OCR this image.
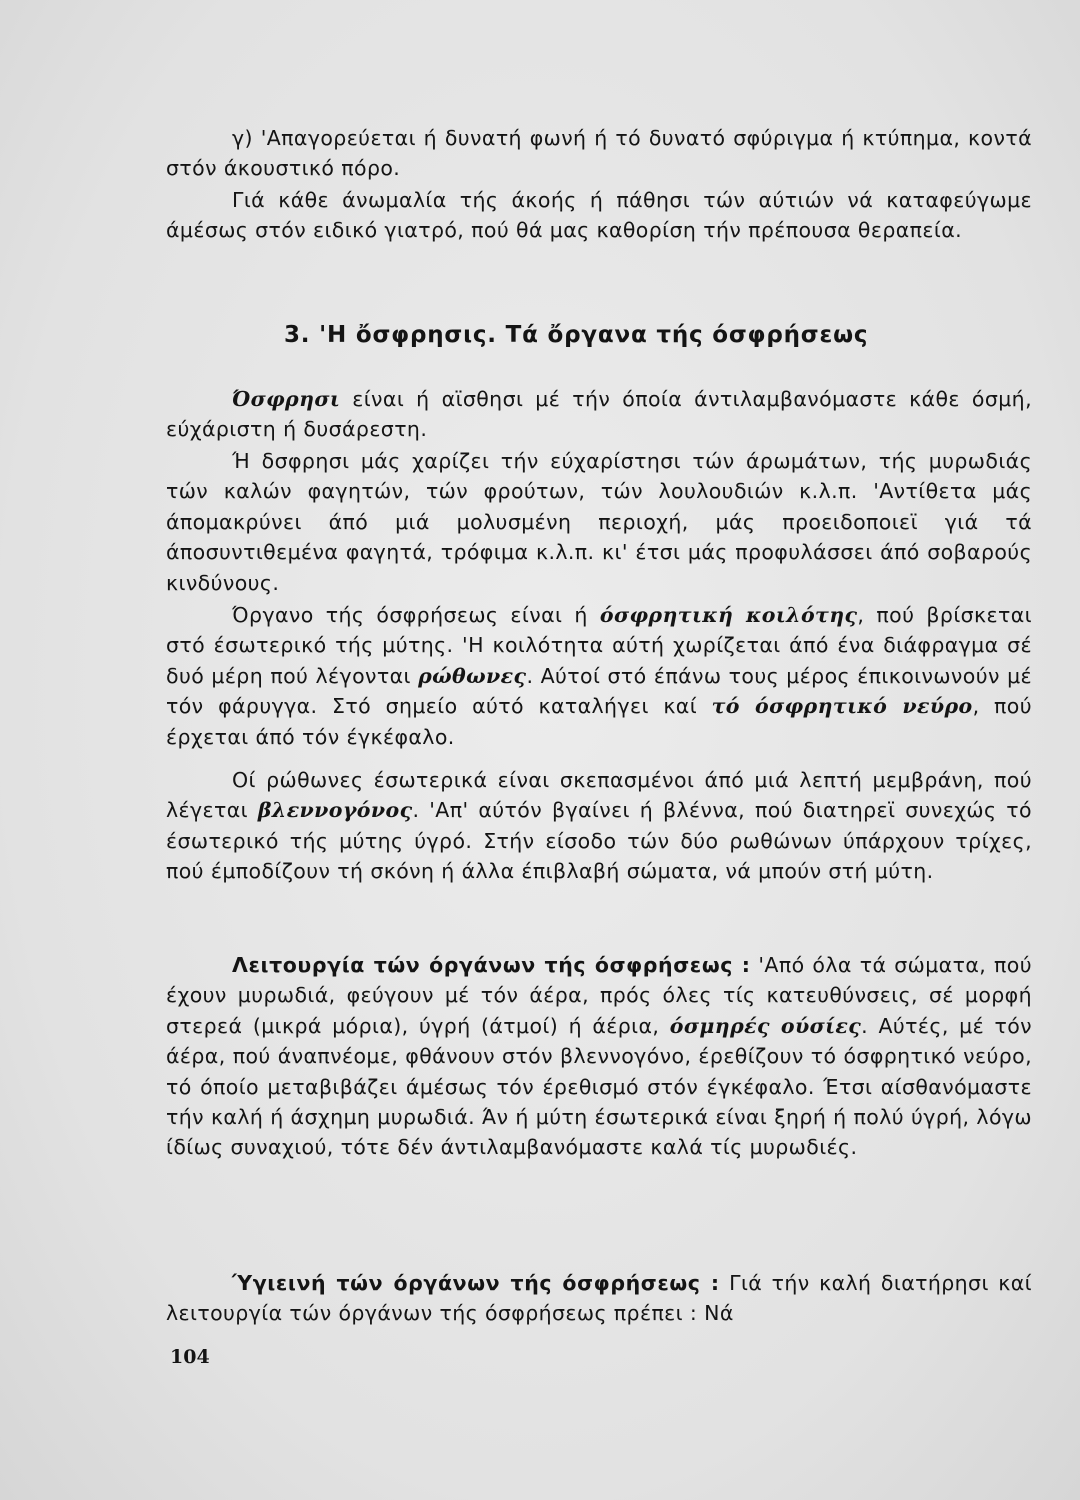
γ) 'Απαγορεύεται ή δυνατή φωνή ή τό δυνατό σφύριγμα ή κτύπημα, κοντά στόν άκουστικό πόρο.

Γιά κάθε άνωμαλία τής άκοής ή πάθησι τών αύτιών νά καταφεύγωμε άμέσως στόν ειδικό γιατρό, πού θά μας καθορίση τήν πρέπουσα θεραπεία.

3. 'Η ὄσφρησις. Τά ὄργανα τής όσφρήσεως

Όσφρησι είναι ή αϊσθησι μέ τήν όποία άντιλαμβανόμαστε κάθε όσμή, εύχάριστη ή δυσάρεστη.

Ή δσφρησι μάς χαρίζει τήν εύχαρίστησι τών άρωμάτων, τής μυρωδιάς τών καλών φαγητών, τών φρούτων, τών λουλουδιών κ.λ.π. 'Αντίθετα μάς άπομακρύνει άπό μιά μολυσμένη περιοχή, μάς προειδοποιεϊ γιά τά άποσυντιθεμένα φαγητά, τρόφιμα κ.λ.π. κι' έτσι μάς προφυλάσσει άπό σοβαρούς κινδύνους.

Όργανο τής όσφρήσεως είναι ή όσφρητική κοιλότης, πού βρίσκεται στό έσωτερικό τής μύτης. 'Η κοιλότητα αύτή χωρίζεται άπό ένα διάφραγμα σέ δυό μέρη πού λέγονται ρώθωνες. Αύτοί στό έπάνω τους μέρος έπικοινωνούν μέ τόν φάρυγγα. Στό σημείο αύτό καταλήγει καί τό όσφρητικό νεύρο, πού έρχεται άπό τόν έγκέφαλο.

Οί ρώθωνες έσωτερικά είναι σκεπασμένοι άπό μιά λεπτή μεμβράνη, πού λέγεται βλεννογόνος. 'Απ' αύτόν βγαίνει ή βλέννα, πού διατηρεϊ συνεχώς τό έσωτερικό τής μύτης ύγρό. Στήν είσοδο τών δύο ρωθώνων ύπάρχουν τρίχες, πού έμποδίζουν τή σκόνη ή άλλα έπιβλαβή σώματα, νά μπούν στή μύτη.

Λειτουργία τών όργάνων τής όσφρήσεως : 'Από όλα τά σώματα, πού έχουν μυρωδιά, φεύγουν μέ τόν άέρα, πρός όλες τίς κατευθύνσεις, σέ μορφή στερεά (μικρά μόρια), ύγρή (άτμοί) ή άέρια, όσμηρές ούσίες. Αύτές, μέ τόν άέρα, πού άναπνέομε, φθάνουν στόν βλεννογόνο, έρεθίζουν τό όσφρητικό νεύρο, τό όποίο μεταβιβάζει άμέσως τόν έρεθισμό στόν έγκέφαλο. Έτσι αίσθανόμαστε τήν καλή ή άσχημη μυρωδιά. Άν ή μύτη έσωτερικά είναι ξηρή ή πολύ ύγρή, λόγω ίδίως συναχιού, τότε δέν άντιλαμβανόμαστε καλά τίς μυρωδιές.

Ύγιεινή τών όργάνων τής όσφρήσεως : Γιά τήν καλή διατήρησι καί λειτουργία τών όργάνων τής όσφρήσεως πρέπει : Νά

104
